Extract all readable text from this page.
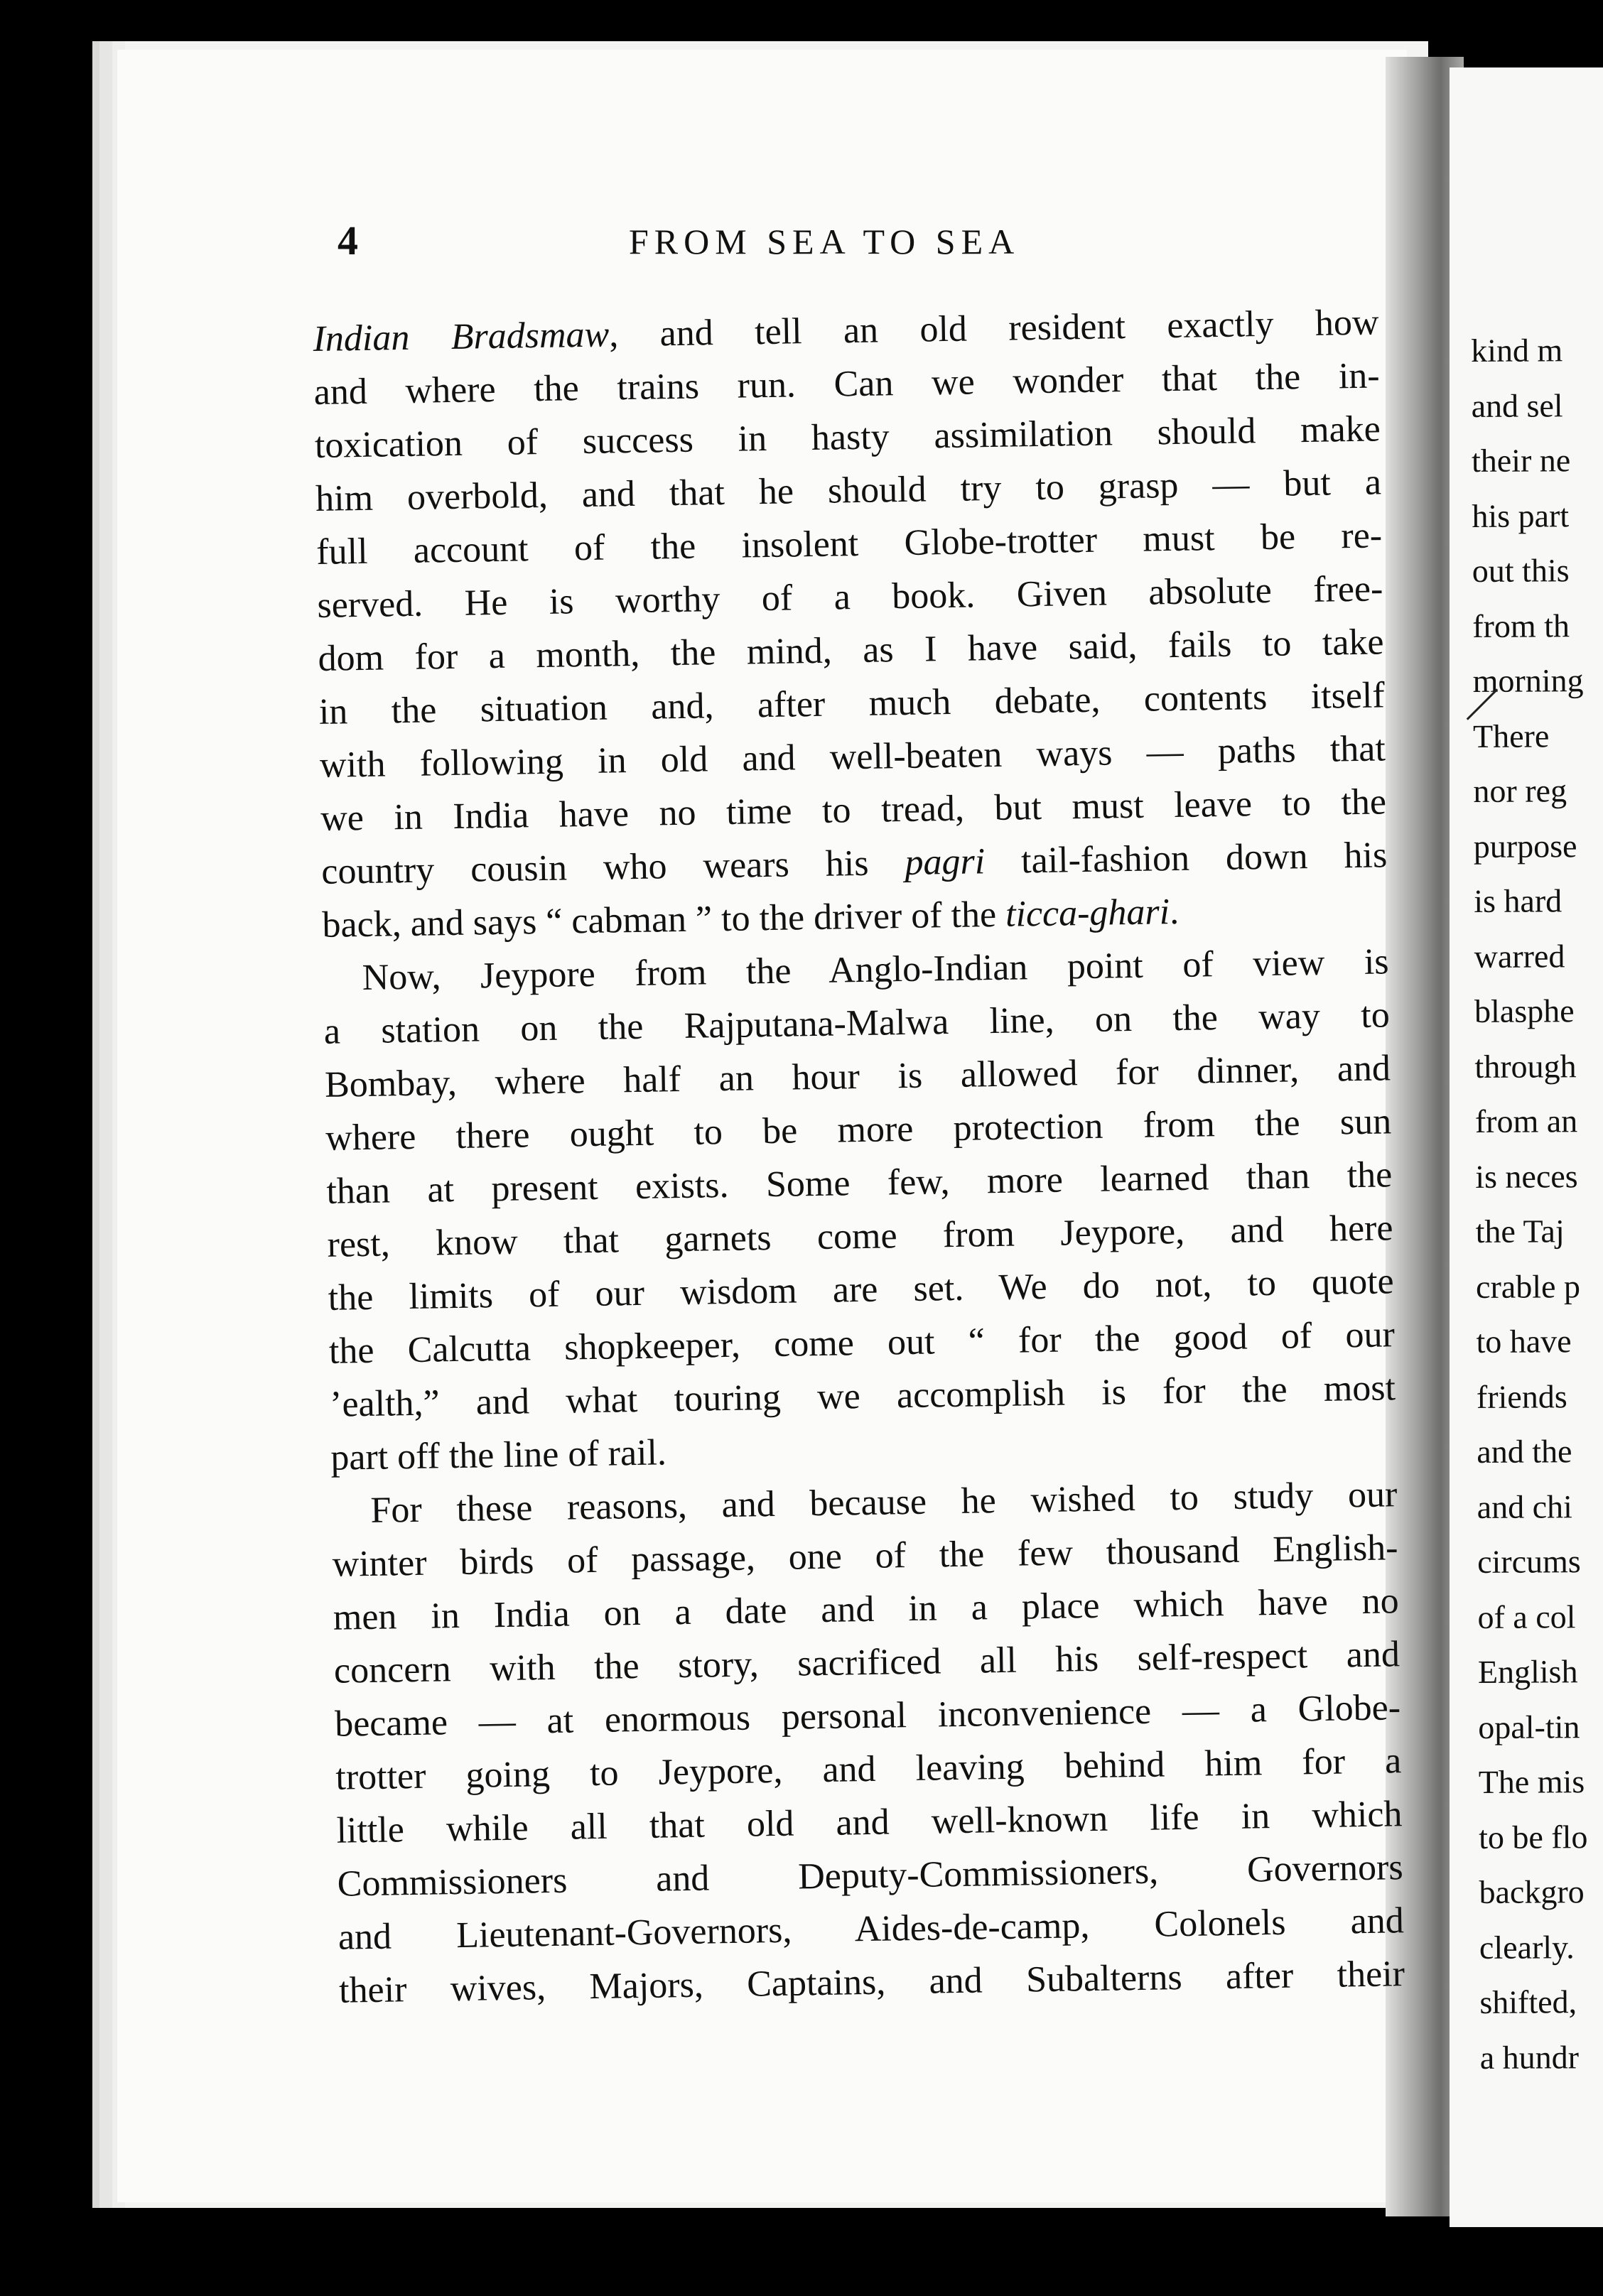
4	FROM SEA TO SEA
Indian Bradsmaw, and tell an old resident exactly how
and where the trains run. Can we wonder that the in-
toxication of success in hasty assimilation should make
him overbold, and that he should try to grasp — but a
full account of the insolent Globe-trotter must be re-
served. He is worthy of a book. Given absolute free-
dom for a month, the mind, as I have said, fails to take
in the situation and, after much debate, contents itself
with following in old and well-beaten ways — paths that
we in India have no time to tread, but must leave to the
country cousin who wears his pagri tail-fashion down his
back, and says “ cabman ” to the driver of the ticca-ghari.
Now, Jeypore from the Anglo-Indian point of view is
a station on the Rajputana-Malwa line, on the way to
Bombay, where half an hour is allowed for dinner, and
where there ought to be more protection from the sun
than at present exists. Some few, more learned than the
rest, know that garnets come from Jeypore, and here
the limits of our wisdom are set. We do not, to quote
the Calcutta shopkeeper, come out “ for the good of our
’ealth,” and what touring we accomplish is for the most
part off the line of rail.
For these reasons, and because he wished to study our
winter birds of passage, one of the few thousand English-
men in India on a date and in a place which have no
concern with the story, sacrificed all his self-respect and
became — at enormous personal inconvenience — a Globe-
trotter going to Jeypore, and leaving behind him for a
little while all that old and well-known life in which
Commissioners and Deputy-Commissioners, Governors
and Lieutenant-Governors, Aides-de-camp, Colonels and
their wives, Majors, Captains, and Subalterns after their
kind m
and sel
their ne
his part
out this
from th
morning
There
nor reg
purpose
is hard
warred
blasphe
through
from an
is neces
the Taj
crable p
to have
friends
and the
and chi
circums
of a col
English
opal-tin
The mis
to be flo
backgro
clearly.
shifted,
a hundr
